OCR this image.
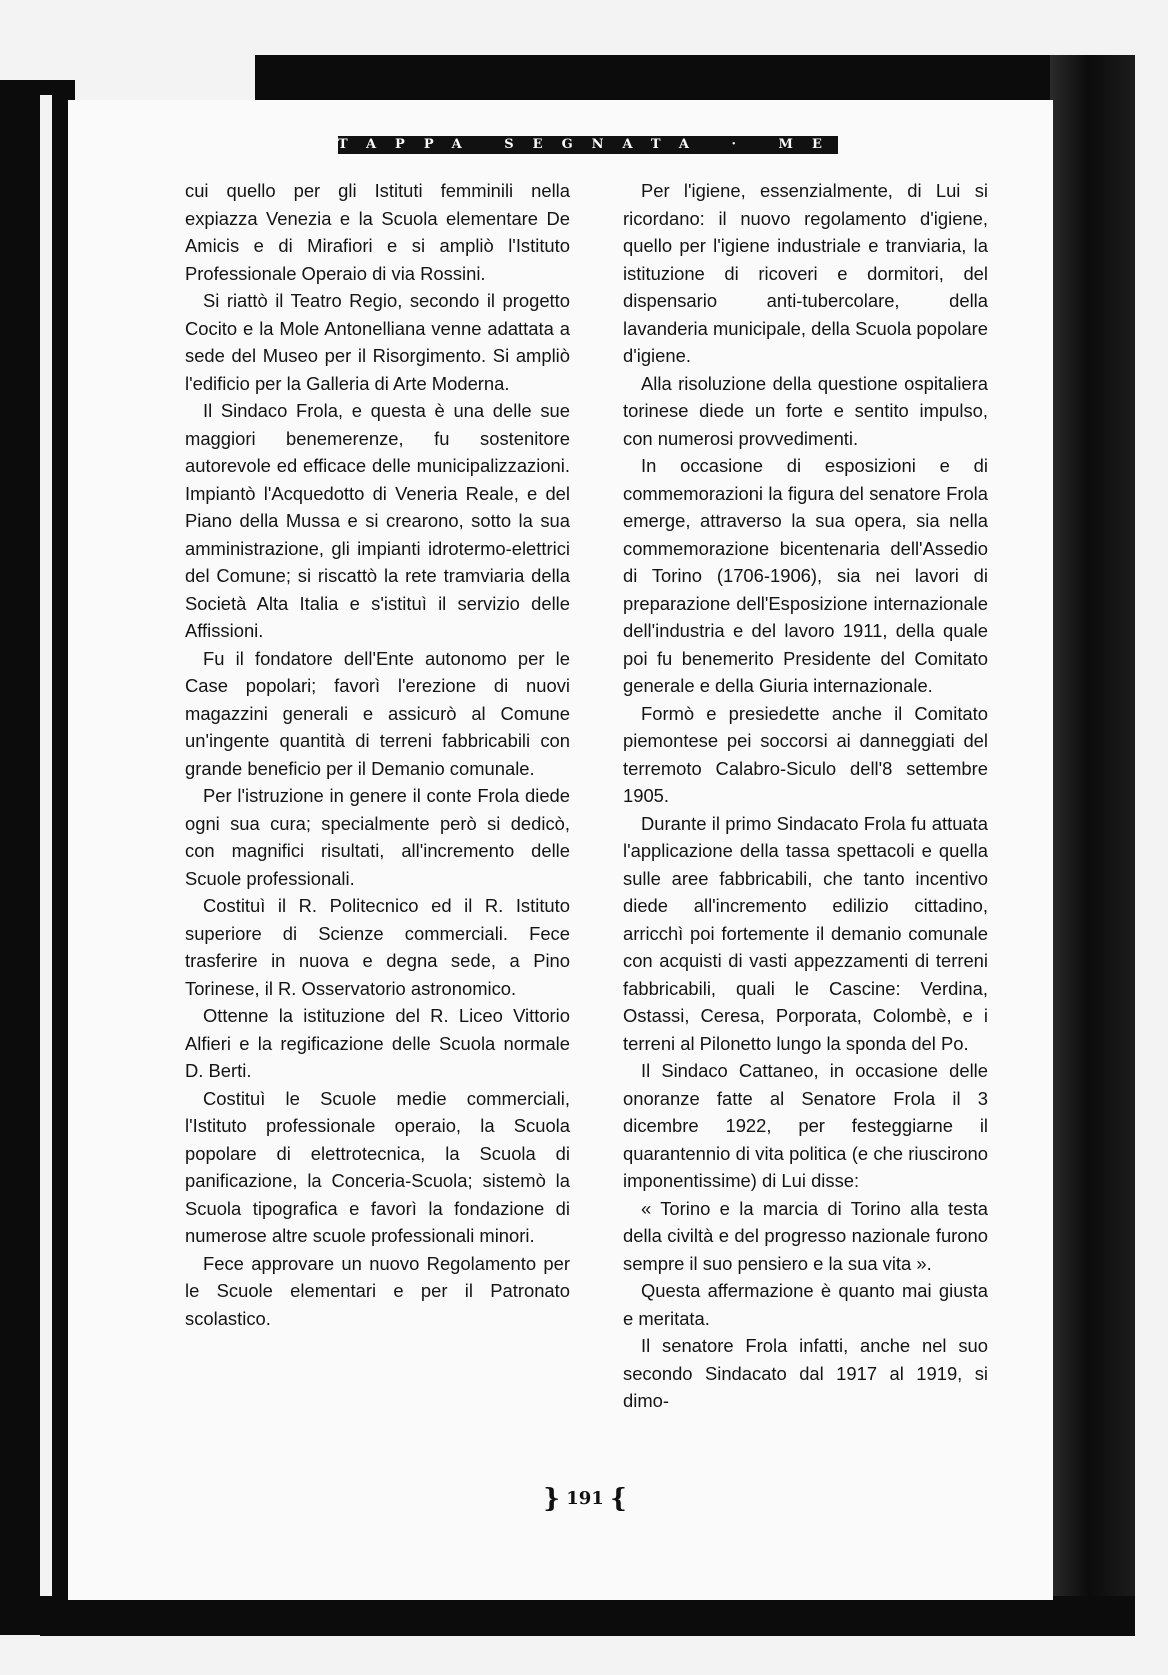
TAPPA SEGNATA · MESSICO

cui quello per gli Istituti femminili nella expiazza Venezia e la Scuola elementare De Amicis e di Mirafiori e si ampliò l'Istituto Professionale Operaio di via Rossini.

Si riattò il Teatro Regio, secondo il progetto Cocito e la Mole Antonelliana venne adattata a sede del Museo per il Risorgimento. Si ampliò l'edificio per la Galleria di Arte Moderna.

Il Sindaco Frola, e questa è una delle sue maggiori benemerenze, fu sostenitore autorevole ed efficace delle municipalizzazioni. Impiantò l'Acquedotto di Veneria Reale, e del Piano della Mussa e si crearono, sotto la sua amministrazione, gli impianti idrotermo-elettrici del Comune; si riscattò la rete tramviaria della Società Alta Italia e s'istituì il servizio delle Affissioni.

Fu il fondatore dell'Ente autonomo per le Case popolari; favorì l'erezione di nuovi magazzini generali e assicurò al Comune un'ingente quantità di terreni fabbricabili con grande beneficio per il Demanio comunale.

Per l'istruzione in genere il conte Frola diede ogni sua cura; specialmente però si dedicò, con magnifici risultati, all'incremento delle Scuole professionali.

Costituì il R. Politecnico ed il R. Istituto superiore di Scienze commerciali. Fece trasferire in nuova e degna sede, a Pino Torinese, il R. Osservatorio astronomico.

Ottenne la istituzione del R. Liceo Vittorio Alfieri e la regificazione delle Scuola normale D. Berti.

Costituì le Scuole medie commerciali, l'Istituto professionale operaio, la Scuola popolare di elettrotecnica, la Scuola di panificazione, la Conceria-Scuola; sistemò la Scuola tipografica e favorì la fondazione di numerose altre scuole professionali minori.

Fece approvare un nuovo Regolamento per le Scuole elementari e per il Patronato scolastico.

Per l'igiene, essenzialmente, di Lui si ricordano: il nuovo regolamento d'igiene, quello per l'igiene industriale e tranviaria, la istituzione di ricoveri e dormitori, del dispensario anti-tubercolare, della lavanderia municipale, della Scuola popolare d'igiene.

Alla risoluzione della questione ospitaliera torinese diede un forte e sentito impulso, con numerosi provvedimenti.

In occasione di esposizioni e di commemorazioni la figura del senatore Frola emerge, attraverso la sua opera, sia nella commemorazione bicentenaria dell'Assedio di Torino (1706-1906), sia nei lavori di preparazione dell'Esposizione internazionale dell'industria e del lavoro 1911, della quale poi fu benemerito Presidente del Comitato generale e della Giuria internazionale.

Formò e presiedette anche il Comitato piemontese pei soccorsi ai danneggiati del terremoto Calabro-Siculo dell'8 settembre 1905.

Durante il primo Sindacato Frola fu attuata l'applicazione della tassa spettacoli e quella sulle aree fabbricabili, che tanto incentivo diede all'incremento edilizio cittadino, arricchì poi fortemente il demanio comunale con acquisti di vasti appezzamenti di terreni fabbricabili, quali le Cascine: Verdina, Ostassi, Ceresa, Porporata, Colombè, e i terreni al Pilonetto lungo la sponda del Po.

Il Sindaco Cattaneo, in occasione delle onoranze fatte al Senatore Frola il 3 dicembre 1922, per festeggiarne il quarantennio di vita politica (e che riuscirono imponentissime) di Lui disse:

« Torino e la marcia di Torino alla testa della civiltà e del progresso nazionale furono sempre il suo pensiero e la sua vita ».

Questa affermazione è quanto mai giusta e meritata.

Il senatore Frola infatti, anche nel suo secondo Sindacato dal 1917 al 1919, si dimo-

} 191 {
